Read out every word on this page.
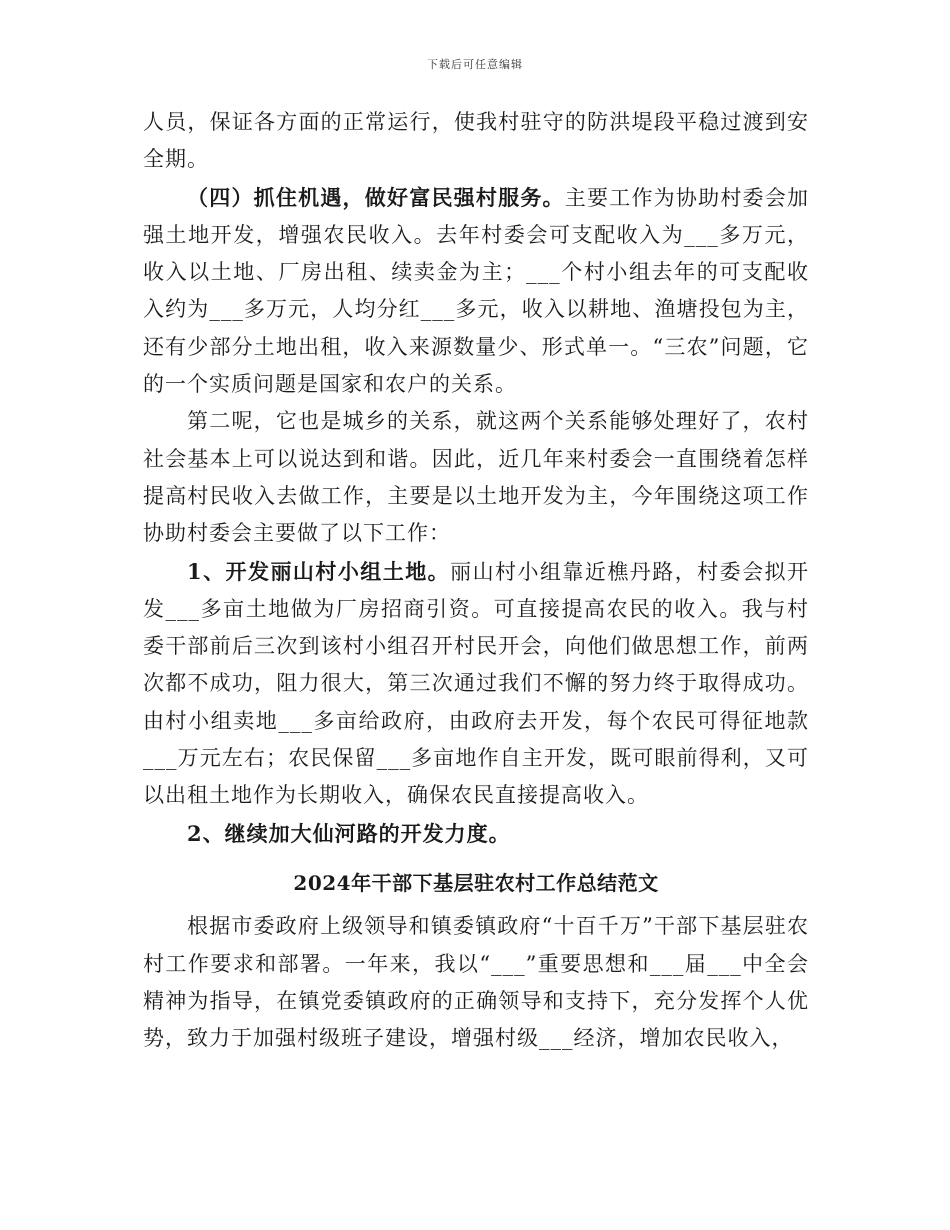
下载后可任意编辑

人员，保证各方面的正常运行，使我村驻守的防洪堤段平稳过渡到安全期。

（四）抓住机遇，做好富民强村服务。主要工作为协助村委会加强土地开发，增强农民收入。去年村委会可支配收入为___多万元，收入以土地、厂房出租、续卖金为主；___个村小组去年的可支配收入约为___多万元，人均分红___多元，收入以耕地、渔塘投包为主，还有少部分土地出租，收入来源数量少、形式单一。“三农”问题，它的一个实质问题是国家和农户的关系。

第二呢，它也是城乡的关系，就这两个关系能够处理好了，农村社会基本上可以说达到和谐。因此，近几年来村委会一直围绕着怎样提高村民收入去做工作，主要是以土地开发为主，今年围绕这项工作协助村委会主要做了以下工作：

1、开发丽山村小组土地。丽山村小组靠近樵丹路，村委会拟开发___多亩土地做为厂房招商引资。可直接提高农民的收入。我与村委干部前后三次到该村小组召开村民开会，向他们做思想工作，前两次都不成功，阻力很大，第三次通过我们不懈的努力终于取得成功。由村小组卖地___多亩给政府，由政府去开发，每个农民可得征地款___万元左右；农民保留___多亩地作自主开发，既可眼前得利，又可以出租土地作为长期收入，确保农民直接提高收入。

2、继续加大仙河路的开发力度。

2024年干部下基层驻农村工作总结范文

根据市委政府上级领导和镇委镇政府“十百千万”干部下基层驻农村工作要求和部署。一年来，我以“___”重要思想和___届___中全会精神为指导，在镇党委镇政府的正确领导和支持下，充分发挥个人优势，致力于加强村级班子建设，增强村级___经济，增加农民收入，
